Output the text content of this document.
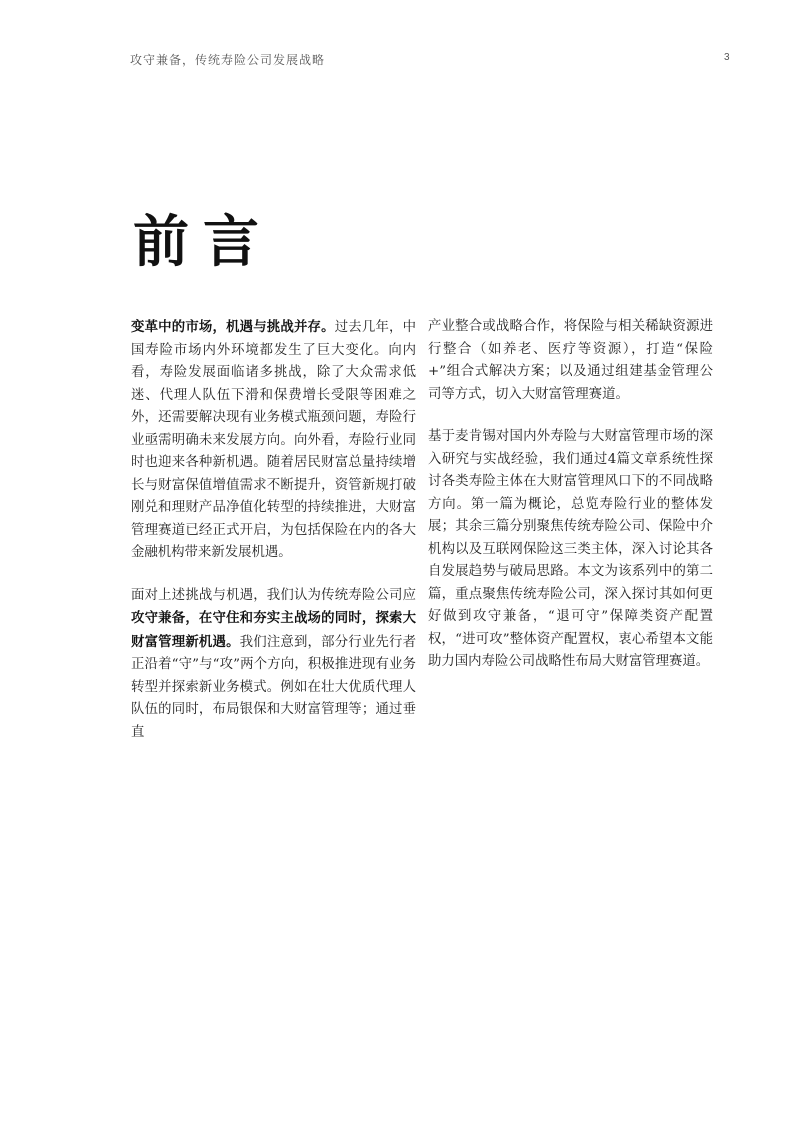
攻守兼备，传统寿险公司发展战略	3
前言

变革中的市场，机遇与挑战并存。过去几年，中国寿险市场内外环境都发生了巨大变化。向内看，寿险发展面临诸多挑战，除了大众需求低迷、代理人队伍下滑和保费增长受限等困难之外，还需要解决现有业务模式瓶颈问题，寿险行业亟需明确未来发展方向。向外看，寿险行业同时也迎来各种新机遇。随着居民财富总量持续增长与财富保值增值需求不断提升，资管新规打破刚兑和理财产品净值化转型的持续推进，大财富管理赛道已经正式开启，为包括保险在内的各大金融机构带来新发展机遇。

面对上述挑战与机遇，我们认为传统寿险公司应攻守兼备，在守住和夯实主战场的同时，探索大财富管理新机遇。我们注意到，部分行业先行者正沿着“守”与“攻”两个方向，积极推进现有业务转型并探索新业务模式。例如在壮大优质代理人队伍的同时，布局银保和大财富管理等；通过垂直

产业整合或战略合作，将保险与相关稀缺资源进行整合（如养老、医疗等资源），打造“保险+”组合式解决方案；以及通过组建基金管理公司等方式，切入大财富管理赛道。

基于麦肯锡对国内外寿险与大财富管理市场的深入研究与实战经验，我们通过4篇文章系统性探讨各类寿险主体在大财富管理风口下的不同战略方向。第一篇为概论，总览寿险行业的整体发展；其余三篇分别聚焦传统寿险公司、保险中介机构以及互联网保险这三类主体，深入讨论其各自发展趋势与破局思路。本文为该系列中的第二篇，重点聚焦传统寿险公司，深入探讨其如何更好做到攻守兼备，“退可守”保障类资产配置权，“进可攻”整体资产配置权，衷心希望本文能助力国内寿险公司战略性布局大财富管理赛道。
